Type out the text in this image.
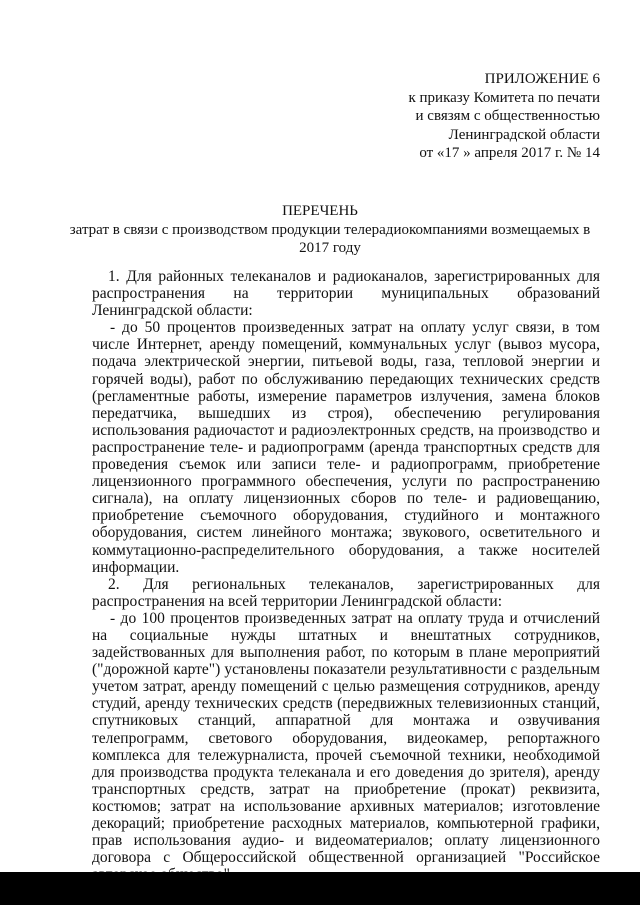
ПРИЛОЖЕНИЕ 6
к приказу Комитета по печати
и связям с общественностью
Ленинградской области
от «17 » апреля 2017 г. № 14
ПЕРЕЧЕНЬ
затрат в связи с производством продукции телерадиокомпаниями возмещаемых в 2017 году

1. Для районных телеканалов и радиоканалов, зарегистрированных для распространения на территории муниципальных образований Ленинградской области:

- до 50 процентов произведенных затрат на оплату услуг связи, в том числе Интернет, аренду помещений, коммунальных услуг (вывоз мусора, подача электрической энергии, питьевой воды, газа, тепловой энергии и горячей воды), работ по обслуживанию передающих технических средств (регламентные работы, измерение параметров излучения, замена блоков передатчика, вышедших из строя), обеспечению регулирования использования радиочастот и радиоэлектронных средств, на производство и распространение теле- и радиопрограмм (аренда транспортных средств для проведения съемок или записи теле- и радиопрограмм, приобретение лицензионного программного обеспечения, услуги по распространению сигнала), на оплату лицензионных сборов по теле- и радиовещанию, приобретение съемочного оборудования, студийного и монтажного оборудования, систем линейного монтажа; звукового, осветительного и коммутационно-распределительного оборудования, а также носителей информации.

2. Для региональных телеканалов, зарегистрированных для распространения на всей территории Ленинградской области:

- до 100 процентов произведенных затрат на оплату труда и отчислений на социальные нужды штатных и внештатных сотрудников, задействованных для выполнения работ, по которым в плане мероприятий ("дорожной карте") установлены показатели результативности с раздельным учетом затрат, аренду помещений с целью размещения сотрудников, аренду студий, аренду технических средств (передвижных телевизионных станций, спутниковых станций, аппаратной для монтажа и озвучивания телепрограмм, светового оборудования, видеокамер, репортажного комплекса для тележурналиста, прочей съемочной техники, необходимой для производства продукта телеканала и его доведения до зрителя), аренду транспортных средств, затрат на приобретение (прокат) реквизита, костюмов; затрат на использование архивных материалов; изготовление декораций; приобретение расходных материалов, компьютерной графики, прав использования аудио- и видеоматериалов; оплату лицензионного договора с Общероссийской общественной организацией "Российское
